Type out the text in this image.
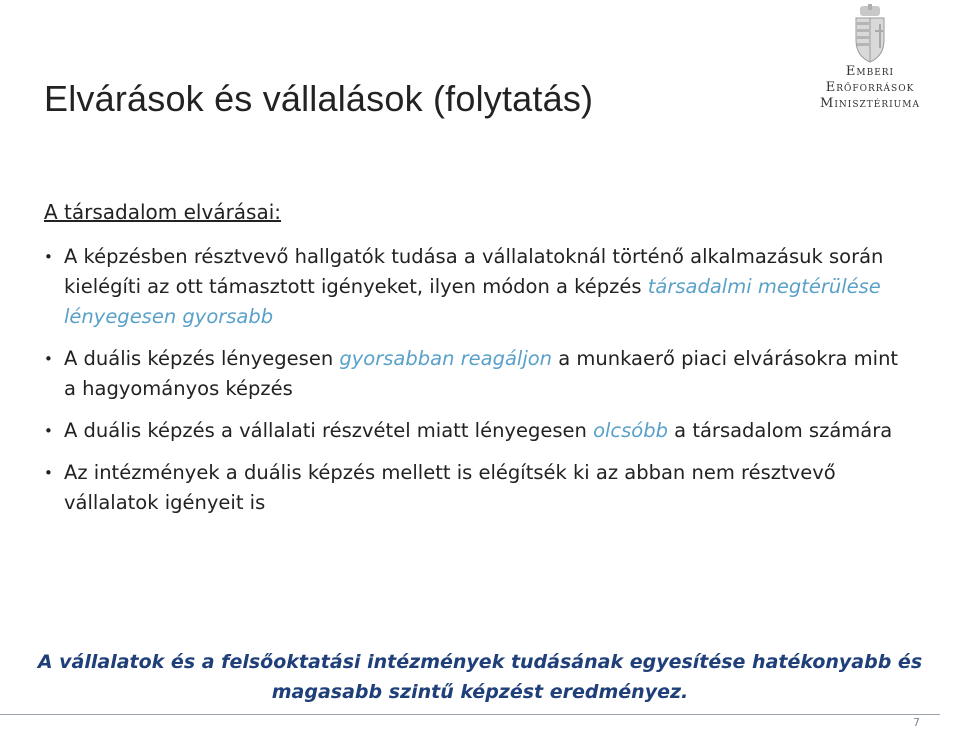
Emberi Erőforrások
Minisztériuma
Elvárások és vállalások (folytatás)
A társadalom elvárásai:
• A képzésben résztvevő hallgatók tudása a vállalatoknál történő alkalmazásuk során kielégíti az ott támasztott igényeket, ilyen módon a képzés társadalmi megtérülése lényegesen gyorsabb
• A duális képzés lényegesen gyorsabban reagáljon a munkaerő piaci elvárásokra mint a hagyományos képzés
• A duális képzés a vállalati részvétel miatt lényegesen olcsóbb a társadalom számára
• Az intézmények a duális képzés mellett is elégítsék ki az abban nem résztvevő vállalatok igényeit is
A vállalatok és a felsőoktatási intézmények tudásának egyesítése hatékonyabb és magasabb szintű képzést eredményez.
7
